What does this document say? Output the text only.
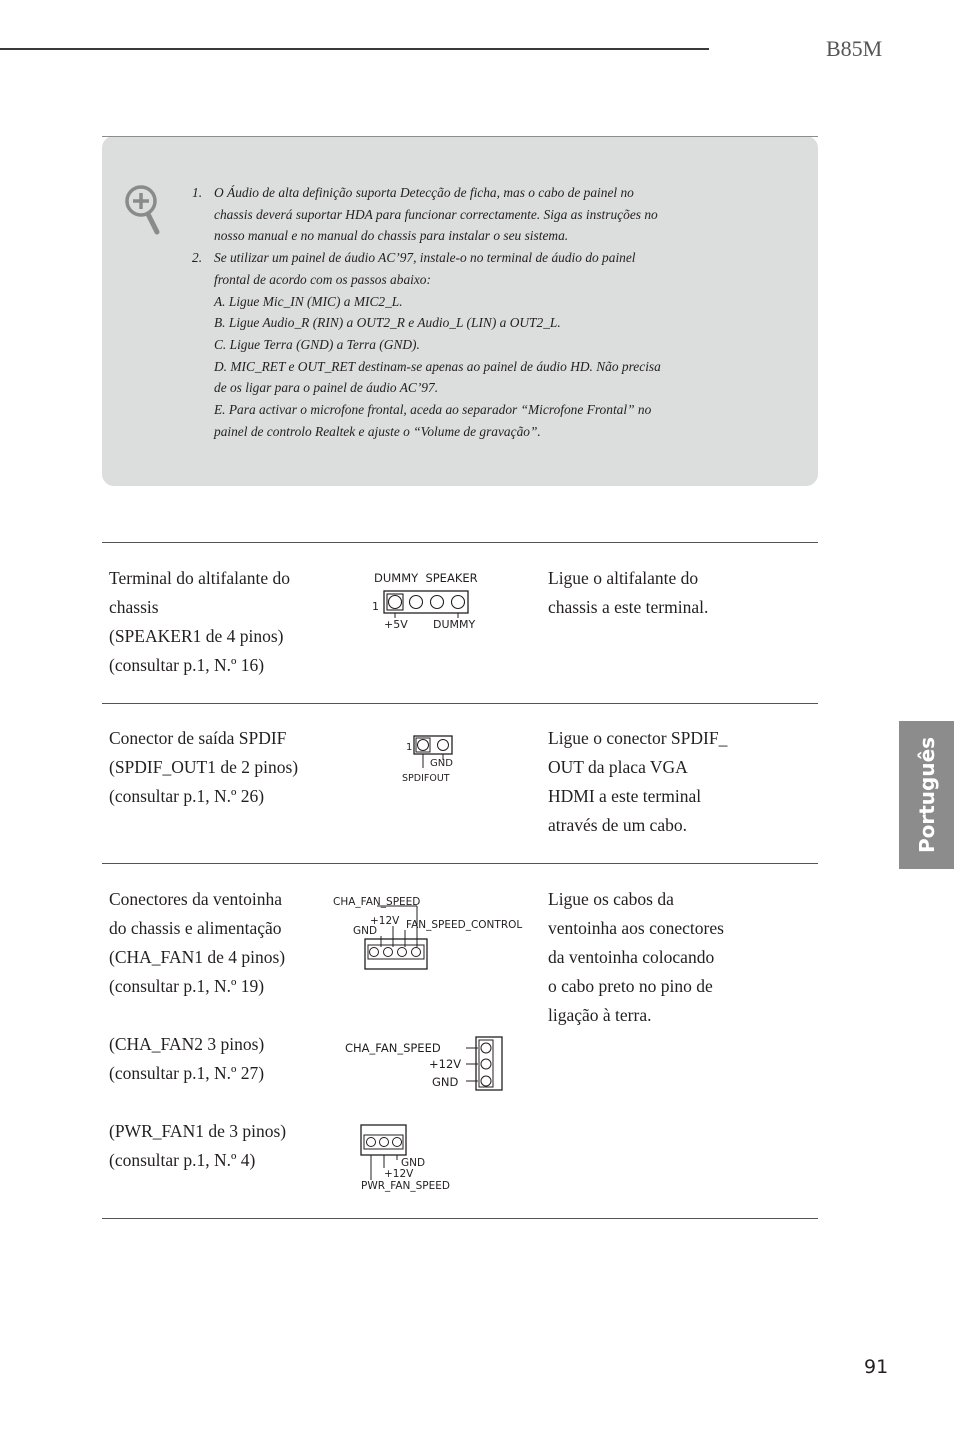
B85M
Português
1. O Áudio de alta definição suporta Detecção de ficha, mas o cabo de painel no
chassis deverá suportar HDA para funcionar correctamente. Siga as instruções no
nosso manual e no manual do chassis para instalar o seu sistema.
2. Se utilizar um painel de áudio AC’97, instale-o no terminal de áudio do painel
frontal de acordo com os passos abaixo:
A. Ligue Mic_IN (MIC) a MIC2_L.
B. Ligue Audio_R (RIN) a OUT2_R e Audio_L (LIN) a OUT2_L.
C. Ligue Terra (GND) a Terra (GND).
D. MIC_RET e OUT_RET destinam-se apenas ao painel de áudio HD. Não precisa
de os ligar para o painel de áudio AC’97.
E. Para activar o microfone frontal, aceda ao separador “Microfone Frontal” no
painel de controlo Realtek e ajuste o “Volume de gravação”.
Terminal do altifalante do
chassis
(SPEAKER1 de 4 pinos)
(consultar p.1, N.º 16)
DUMMY  SPEAKER
1
+5V DUMMY
Ligue o altifalante do
chassis a este terminal.
Conector de saída SPDIF
(SPDIF_OUT1 de 2 pinos)
(consultar p.1, N.º 26)
1
GND
SPDIFOUT
Ligue o conector SPDIF_
OUT da placa VGA
HDMI a este terminal
através de um cabo.
Conectores da ventoinha
do chassis e alimentação
(CHA_FAN1 de 4 pinos)
(consultar p.1, N.º 19)
(CHA_FAN2 3 pinos)
(consultar p.1, N.º 27)
(PWR_FAN1 de 3 pinos)
(consultar p.1, N.º 4)
CHA_FAN_SPEED
+12V
GND	FAN_SPEED_CONTROL
CHA_FAN_SPEED
+12V
GND
GND
+12V
PWR_FAN_SPEED
Ligue os cabos da
ventoinha aos conectores
da ventoinha colocando
o cabo preto no pino de
ligação à terra.
91
